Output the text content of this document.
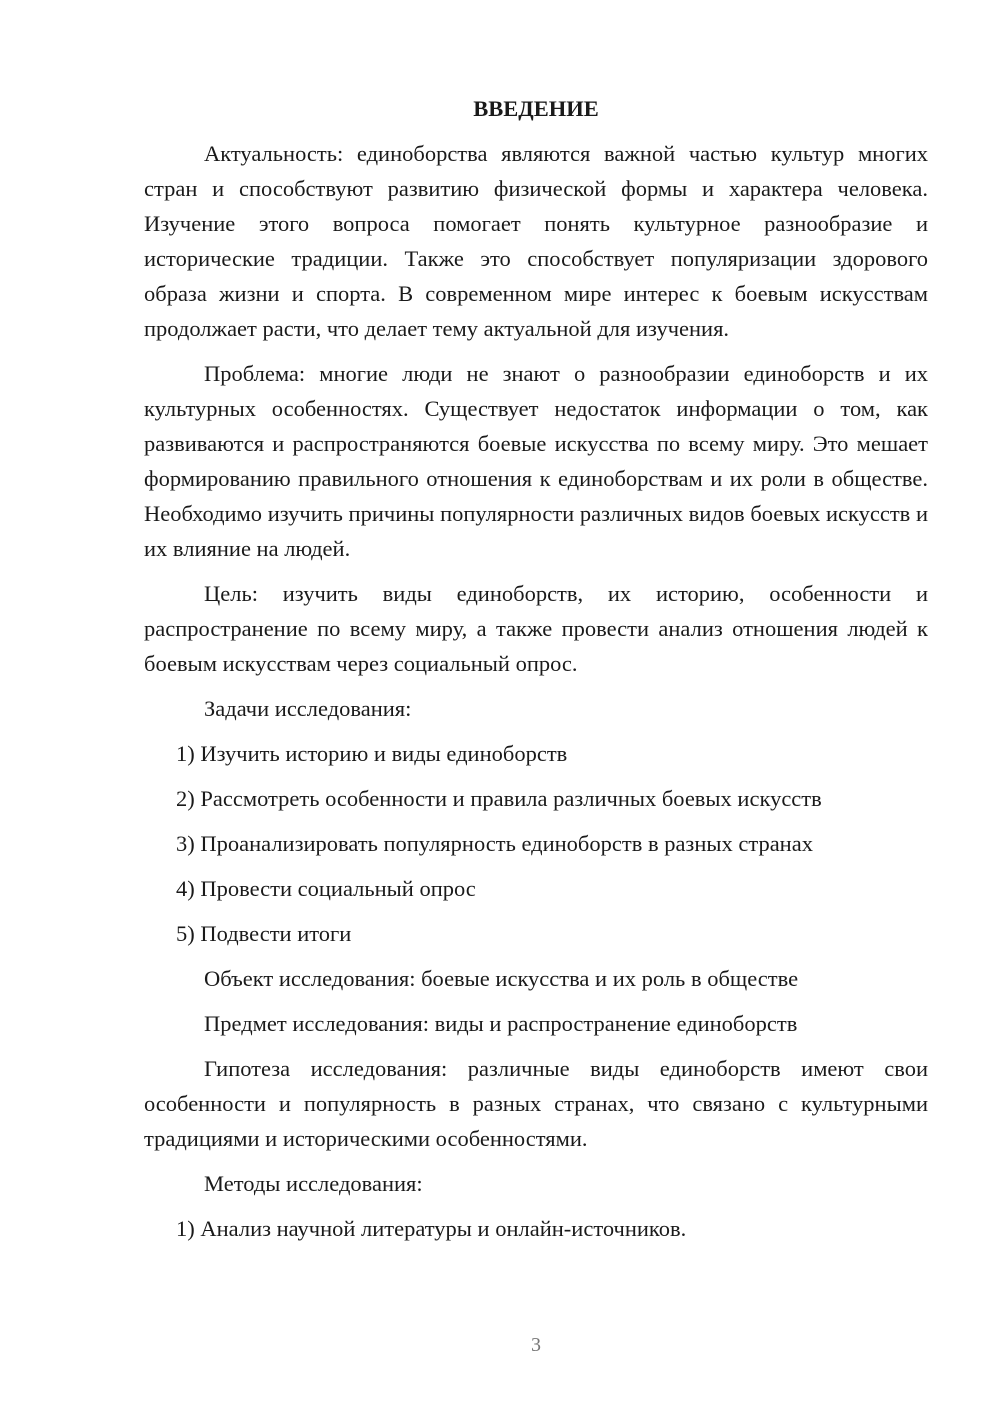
ВВЕДЕНИЕ

Актуальность: единоборства являются важной частью культур многих стран и способствуют развитию физической формы и характера человека. Изучение этого вопроса помогает понять культурное разнообразие и исторические традиции. Также это способствует популяризации здорового образа жизни и спорта. В современном мире интерес к боевым искусствам продолжает расти, что делает тему актуальной для изучения.

Проблема: многие люди не знают о разнообразии единоборств и их культурных особенностях. Существует недостаток информации о том, как развиваются и распространяются боевые искусства по всему миру. Это мешает формированию правильного отношения к единоборствам и их роли в обществе. Необходимо изучить причины популярности различных видов боевых искусств и их влияние на людей.

Цель: изучить виды единоборств, их историю, особенности и распространение по всему миру, а также провести анализ отношения людей к боевым искусствам через социальный опрос.

Задачи исследования:

1) Изучить историю и виды единоборств
2) Рассмотреть особенности и правила различных боевых искусств
3) Проанализировать популярность единоборств в разных странах
4) Провести социальный опрос
5) Подвести итоги

Объект исследования: боевые искусства и их роль в обществе

Предмет исследования: виды и распространение единоборств

Гипотеза исследования: различные виды единоборств имеют свои особенности и популярность в разных странах, что связано с культурными традициями и историческими особенностями.

Методы исследования:

1) Анализ научной литературы и онлайн-источников.
3
